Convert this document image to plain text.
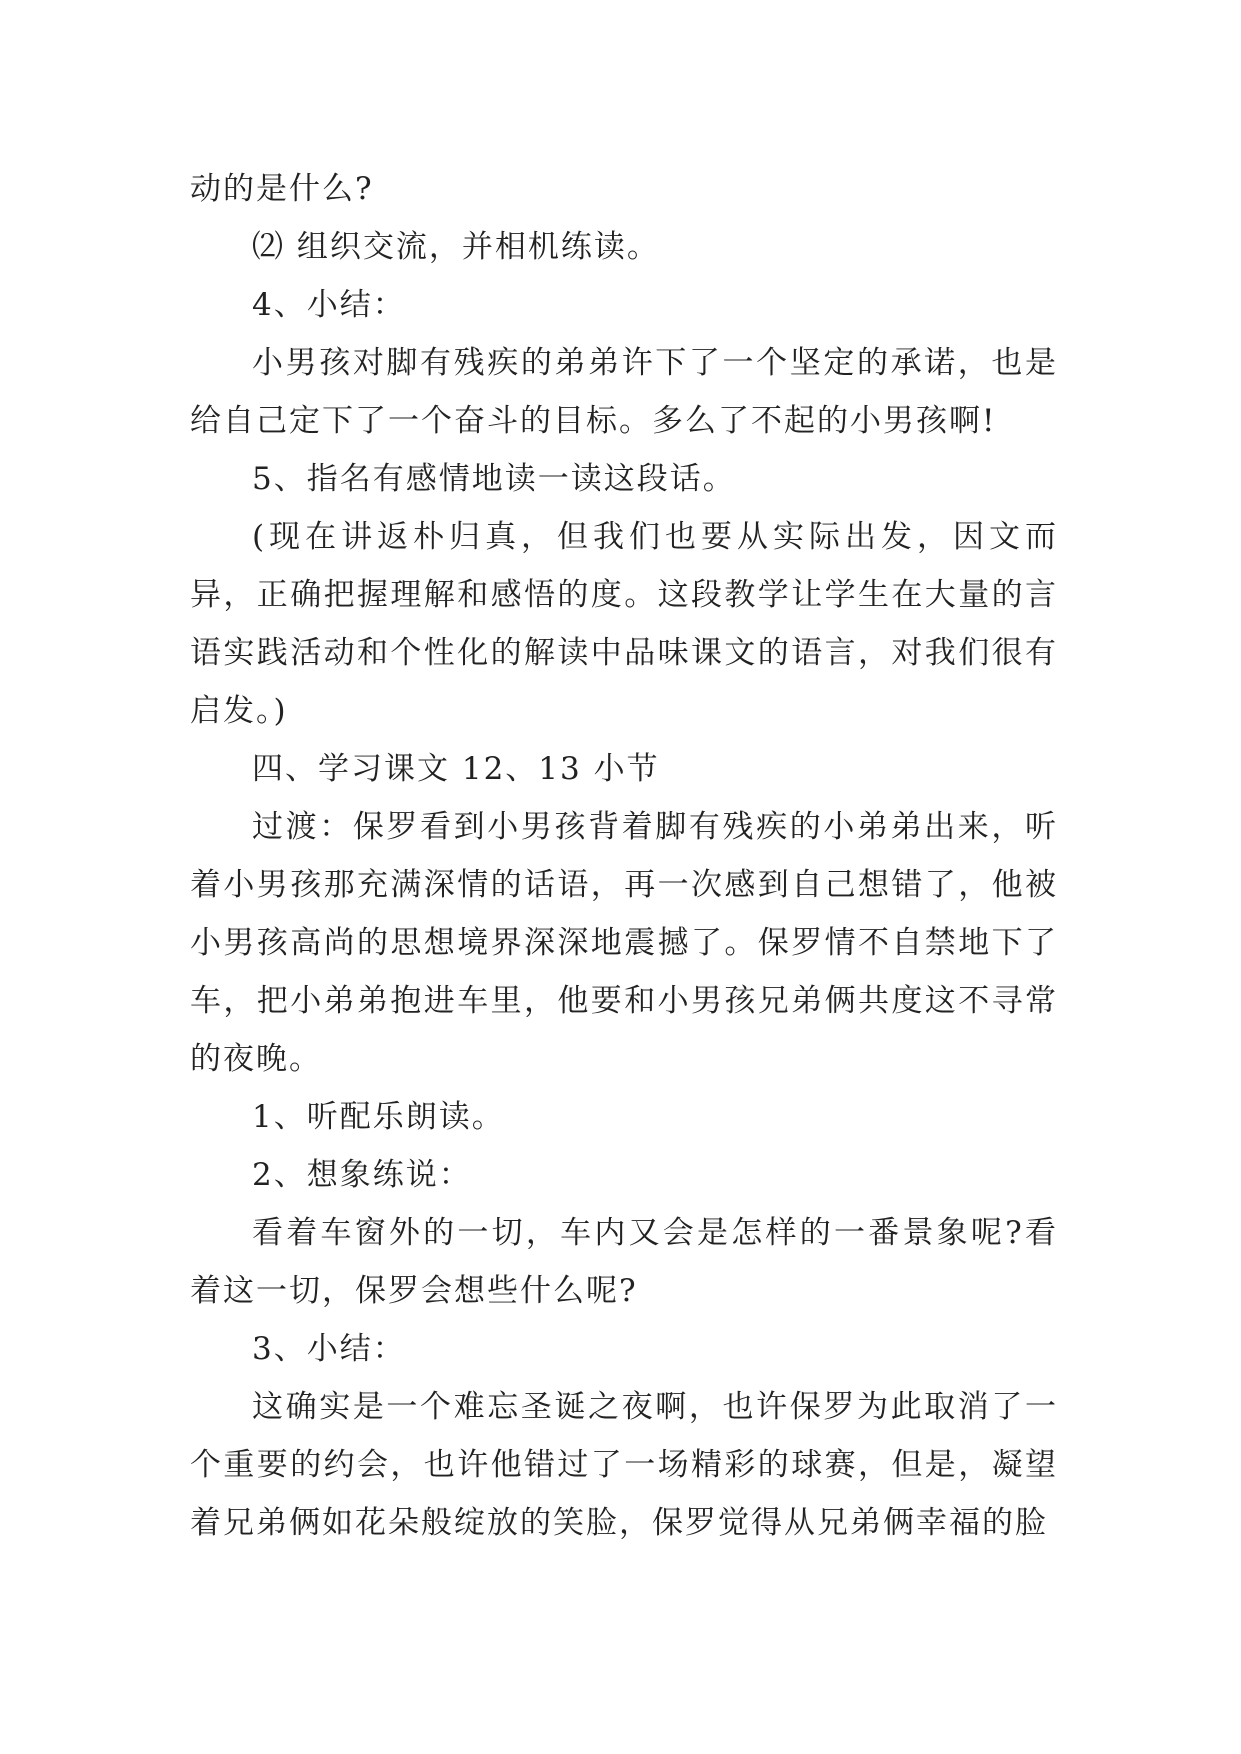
动的是什么?

⑵ 组织交流，并相机练读。

4、小结：

小男孩对脚有残疾的弟弟许下了一个坚定的承诺，也是给自己定下了一个奋斗的目标。多么了不起的小男孩啊!

5、指名有感情地读一读这段话。

(现在讲返朴归真，但我们也要从实际出发，因文而异，正确把握理解和感悟的度。这段教学让学生在大量的言语实践活动和个性化的解读中品味课文的语言，对我们很有启发。)

四、学习课文 12、13 小节

过渡：保罗看到小男孩背着脚有残疾的小弟弟出来，听着小男孩那充满深情的话语，再一次感到自己想错了，他被小男孩高尚的思想境界深深地震撼了。保罗情不自禁地下了车，把小弟弟抱进车里，他要和小男孩兄弟俩共度这不寻常的夜晚。

1、听配乐朗读。

2、想象练说：

看着车窗外的一切，车内又会是怎样的一番景象呢?看着这一切，保罗会想些什么呢?

3、小结：

这确实是一个难忘圣诞之夜啊，也许保罗为此取消了一个重要的约会，也许他错过了一场精彩的球赛，但是，凝望着兄弟俩如花朵般绽放的笑脸，保罗觉得从兄弟俩幸福的脸
